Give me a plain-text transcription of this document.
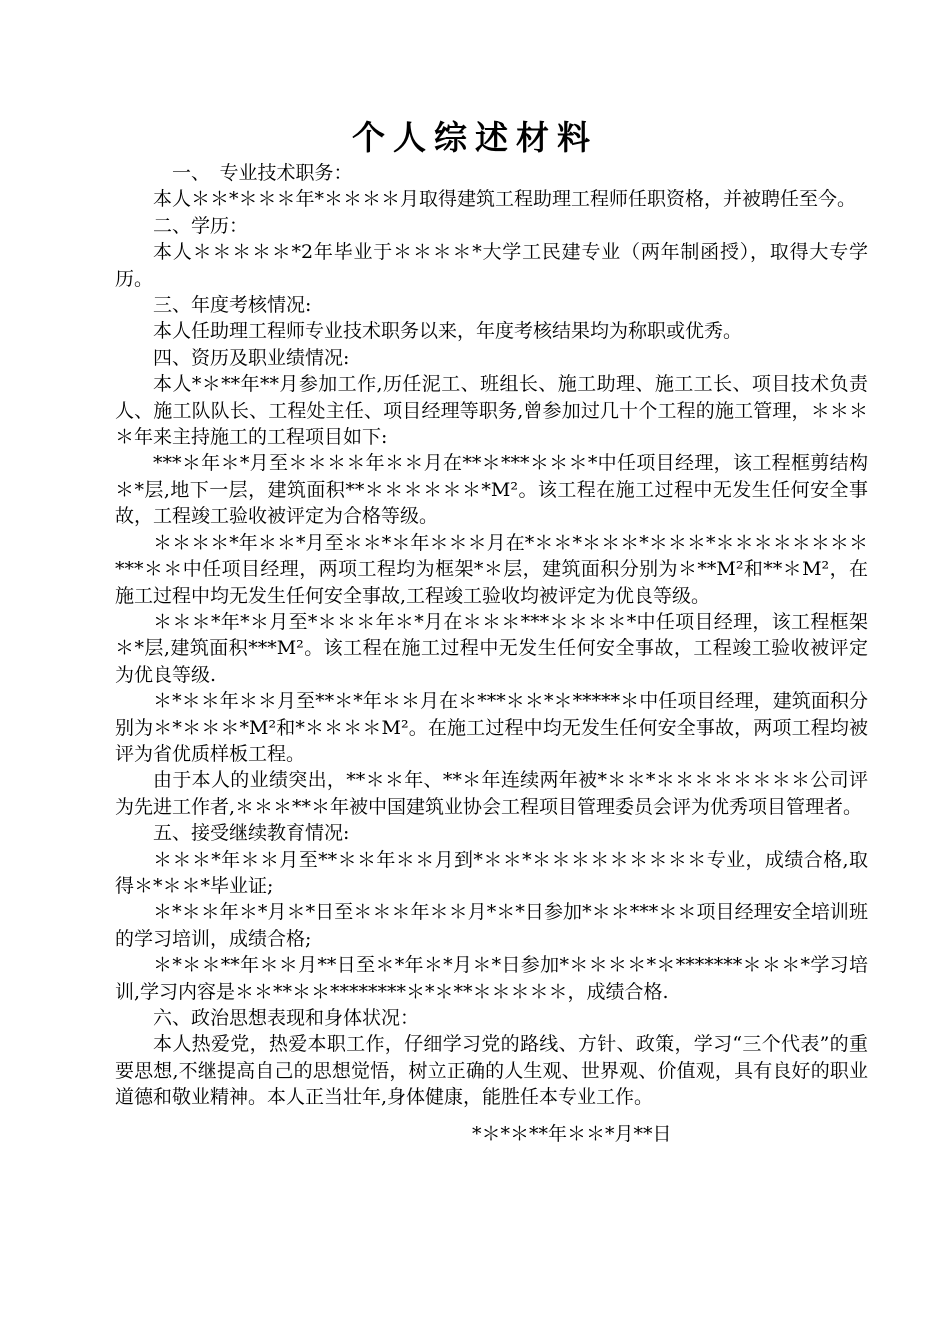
个人综述材料

一、　专业技术职务：

本人＊＊*＊＊＊年*＊＊＊＊月取得建筑工程助理工程师任职资格，并被聘任至今。

二、学历：

本人＊＊＊＊＊*2年毕业于＊＊＊＊*大学工民建专业（两年制函授），取得大专学历。

三、年度考核情况:

本人任助理工程师专业技术职务以来，年度考核结果均为称职或优秀。

四、资历及职业绩情况:

本人*＊**年**月参加工作,历任泥工、班组长、施工助理、施工工长、项目技术负责人、施工队队长、工程处主任、项目经理等职务,曾参加过几十个工程的施工管理，＊＊＊＊年来主持施工的工程项目如下:

***＊年＊*月至＊＊＊＊年＊＊月在**＊***＊＊＊*中任项目经理，该工程框剪结构＊*层,地下一层，建筑面积**＊＊＊＊＊＊*M²。该工程在施工过程中无发生任何安全事故，工程竣工验收被评定为合格等级。

＊＊＊＊*年＊＊*月至＊＊*＊年＊＊＊月在*＊＊*＊＊＊*＊＊＊*＊＊＊＊＊＊＊＊***＊＊中任项目经理，两项工程均为框架*＊层，建筑面积分别为＊**M²和**＊M²，在施工过程中均无发生任何安全事故,工程竣工验收均被评定为优良等级。

＊＊＊*年*＊月至*＊＊＊年＊*月在＊＊＊***＊＊＊＊*中任项目经理，该工程框架＊*层,建筑面积***M²。该工程在施工过程中无发生任何安全事故，工程竣工验收被评定为优良等级.

＊*＊＊年＊＊月至**＊*年＊＊月在＊***＊＊*＊*****＊中任项目经理，建筑面积分别为＊*＊＊＊*M²和*＊＊＊＊M²。在施工过程中均无发生任何安全事故，两项工程均被评为省优质样板工程。

由于本人的业绩突出，**＊＊年、**＊年连续两年被*＊＊*＊＊＊＊＊＊＊＊公司评为先进工作者,＊＊＊**＊年被中国建筑业协会工程项目管理委员会评为优秀项目管理者。

五、接受继续教育情况:

＊＊＊*年＊＊月至**＊＊年＊＊月到*＊＊*＊＊＊＊＊＊＊＊＊专业，成绩合格,取得＊*＊＊*毕业证;

＊*＊＊年＊*月＊*日至＊＊＊年＊＊月*＊*日参加*＊＊***＊＊项目经理安全培训班的学习培训，成绩合格;

＊*＊＊**年＊＊月**日至＊*年＊*月＊*日参加*＊＊＊＊*＊*******＊＊＊*学习培训,学习内容是＊＊**＊＊********＊*＊**＊＊＊＊＊，成绩合格.

六、政治思想表现和身体状况：

本人热爱党，热爱本职工作，仔细学习党的路线、方针、政策，学习“三个代表”的重要思想,不继提高自己的思想觉悟，树立正确的人生观、世界观、价值观，具有良好的职业道德和敬业精神。本人正当壮年,身体健康，能胜任本专业工作。

*＊*＊**年＊＊*月**日
